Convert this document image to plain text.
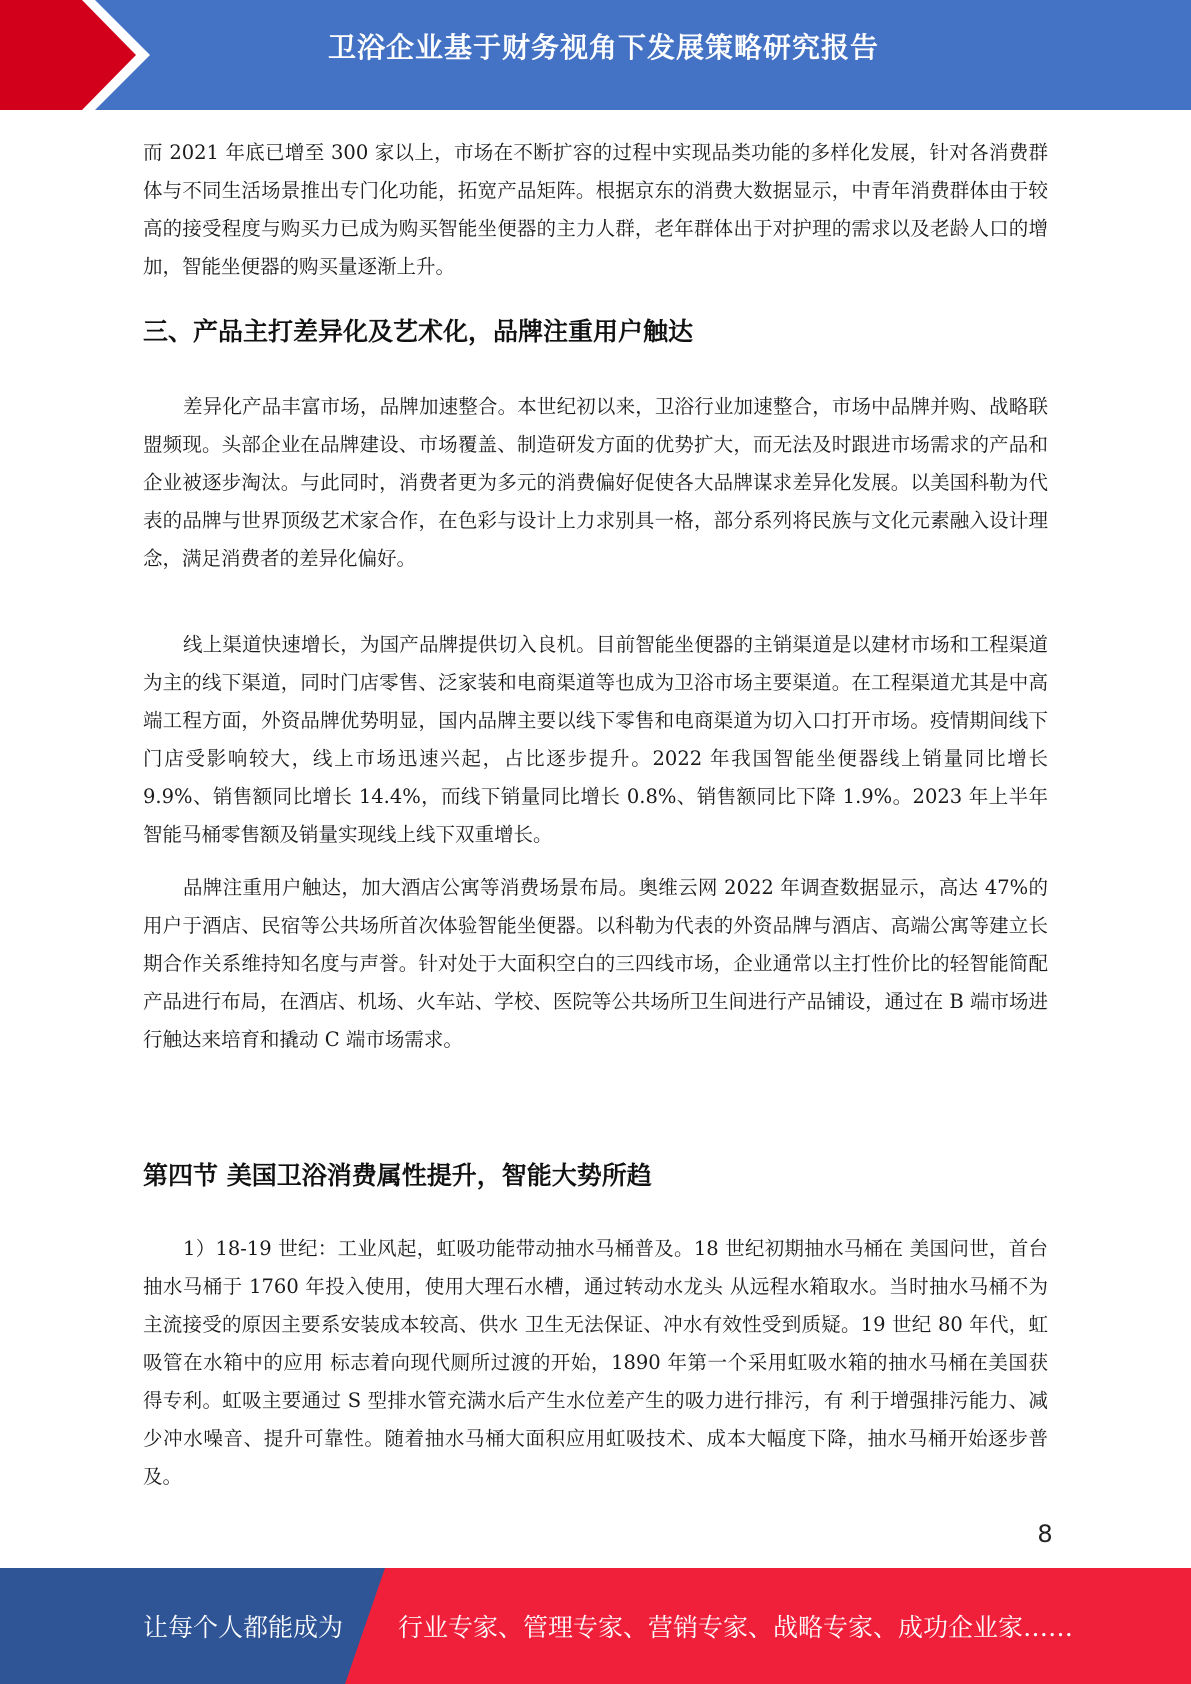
卫浴企业基于财务视角下发展策略研究报告

而 2021 年底已增至 300 家以上，市场在不断扩容的过程中实现品类功能的多样化发展，针对各消费群体与不同生活场景推出专门化功能，拓宽产品矩阵。根据京东的消费大数据显示，中青年消费群体由于较高的接受程度与购买力已成为购买智能坐便器的主力人群，老年群体出于对护理的需求以及老龄人口的增加，智能坐便器的购买量逐渐上升。

三、产品主打差异化及艺术化，品牌注重用户触达

差异化产品丰富市场，品牌加速整合。本世纪初以来，卫浴行业加速整合，市场中品牌并购、战略联盟频现。头部企业在品牌建设、市场覆盖、制造研发方面的优势扩大，而无法及时跟进市场需求的产品和企业被逐步淘汰。与此同时，消费者更为多元的消费偏好促使各大品牌谋求差异化发展。以美国科勒为代表的品牌与世界顶级艺术家合作，在色彩与设计上力求别具一格，部分系列将民族与文化元素融入设计理念，满足消费者的差异化偏好。

线上渠道快速增长，为国产品牌提供切入良机。目前智能坐便器的主销渠道是以建材市场和工程渠道为主的线下渠道，同时门店零售、泛家装和电商渠道等也成为卫浴市场主要渠道。在工程渠道尤其是中高端工程方面，外资品牌优势明显，国内品牌主要以线下零售和电商渠道为切入口打开市场。疫情期间线下门店受影响较大，线上市场迅速兴起，占比逐步提升。2022 年我国智能坐便器线上销量同比增长 9.9%、销售额同比增长 14.4%，而线下销量同比增长 0.8%、销售额同比下降 1.9%。2023 年上半年智能马桶零售额及销量实现线上线下双重增长。

品牌注重用户触达，加大酒店公寓等消费场景布局。奥维云网 2022 年调查数据显示，高达 47%的用户于酒店、民宿等公共场所首次体验智能坐便器。以科勒为代表的外资品牌与酒店、高端公寓等建立长期合作关系维持知名度与声誉。针对处于大面积空白的三四线市场，企业通常以主打性价比的轻智能简配产品进行布局，在酒店、机场、火车站、学校、医院等公共场所卫生间进行产品铺设，通过在 B 端市场进行触达来培育和撬动 C 端市场需求。

第四节 美国卫浴消费属性提升，智能大势所趋

1）18-19 世纪：工业风起，虹吸功能带动抽水马桶普及。18 世纪初期抽水马桶在 美国问世，首台抽水马桶于 1760 年投入使用，使用大理石水槽，通过转动水龙头 从远程水箱取水。当时抽水马桶不为主流接受的原因主要系安装成本较高、供水 卫生无法保证、冲水有效性受到质疑。19 世纪 80 年代，虹吸管在水箱中的应用 标志着向现代厕所过渡的开始，1890 年第一个采用虹吸水箱的抽水马桶在美国获 得专利。虹吸主要通过 S 型排水管充满水后产生水位差产生的吸力进行排污，有 利于增强排污能力、减少冲水噪音、提升可靠性。随着抽水马桶大面积应用虹吸技术、成本大幅度下降，抽水马桶开始逐步普及。

8
让每个人都能成为 行业专家、管理专家、营销专家、战略专家、成功企业家……
